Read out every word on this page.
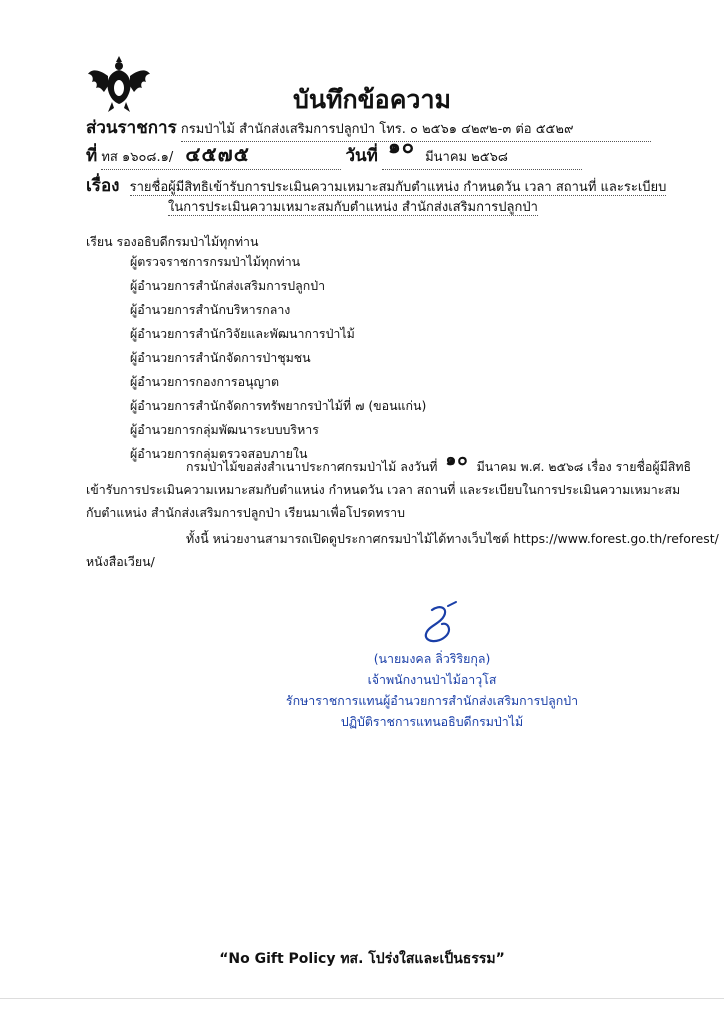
บันทึกข้อความ
ส่วนราชการ กรมป่าไม้ สำนักส่งเสริมการปลูกป่า โทร. ๐ ๒๕๖๑ ๔๒๙๒-๓ ต่อ ๕๕๒๙
ที่ ทส ๑๖๐๘.๑/ ๔๕๗๕	วันที่ ๑๐ มีนาคม ๒๕๖๘
เรื่อง รายชื่อผู้มีสิทธิเข้ารับการประเมินความเหมาะสมกับตำแหน่ง กำหนดวัน เวลา สถานที่ และระเบียบ
ในการประเมินความเหมาะสมกับตำแหน่ง สำนักส่งเสริมการปลูกป่า
เรียน รองอธิบดีกรมป่าไม้ทุกท่าน
ผู้ตรวจราชการกรมป่าไม้ทุกท่าน
ผู้อำนวยการสำนักส่งเสริมการปลูกป่า
ผู้อำนวยการสำนักบริหารกลาง
ผู้อำนวยการสำนักวิจัยและพัฒนาการป่าไม้
ผู้อำนวยการสำนักจัดการป่าชุมชน
ผู้อำนวยการกองการอนุญาต
ผู้อำนวยการสำนักจัดการทรัพยากรป่าไม้ที่ ๗ (ขอนแก่น)
ผู้อำนวยการกลุ่มพัฒนาระบบบริหาร
ผู้อำนวยการกลุ่มตรวจสอบภายใน
กรมป่าไม้ขอส่งสำเนาประกาศกรมป่าไม้ ลงวันที่ ๑๐ มีนาคม พ.ศ. ๒๕๖๘ เรื่อง รายชื่อผู้มีสิทธิ
เข้ารับการประเมินความเหมาะสมกับตำแหน่ง กำหนดวัน เวลา สถานที่ และระเบียบในการประเมินความเหมาะสม
กับตำแหน่ง สำนักส่งเสริมการปลูกป่า เรียนมาเพื่อโปรดทราบ
ทั้งนี้ หน่วยงานสามารถเปิดดูประกาศกรมป่าไม้ได้ทางเว็บไซต์ https://www.forest.go.th/reforest/
หนังสือเวียน/
(นายมงคล ลิ่วริริยกุล)
เจ้าพนักงานป่าไม้อาวุโส
รักษาราชการแทนผู้อำนวยการสำนักส่งเสริมการปลูกป่า
ปฏิบัติราชการแทนอธิบดีกรมป่าไม้
“No Gift Policy ทส. โปร่งใสและเป็นธรรม”
